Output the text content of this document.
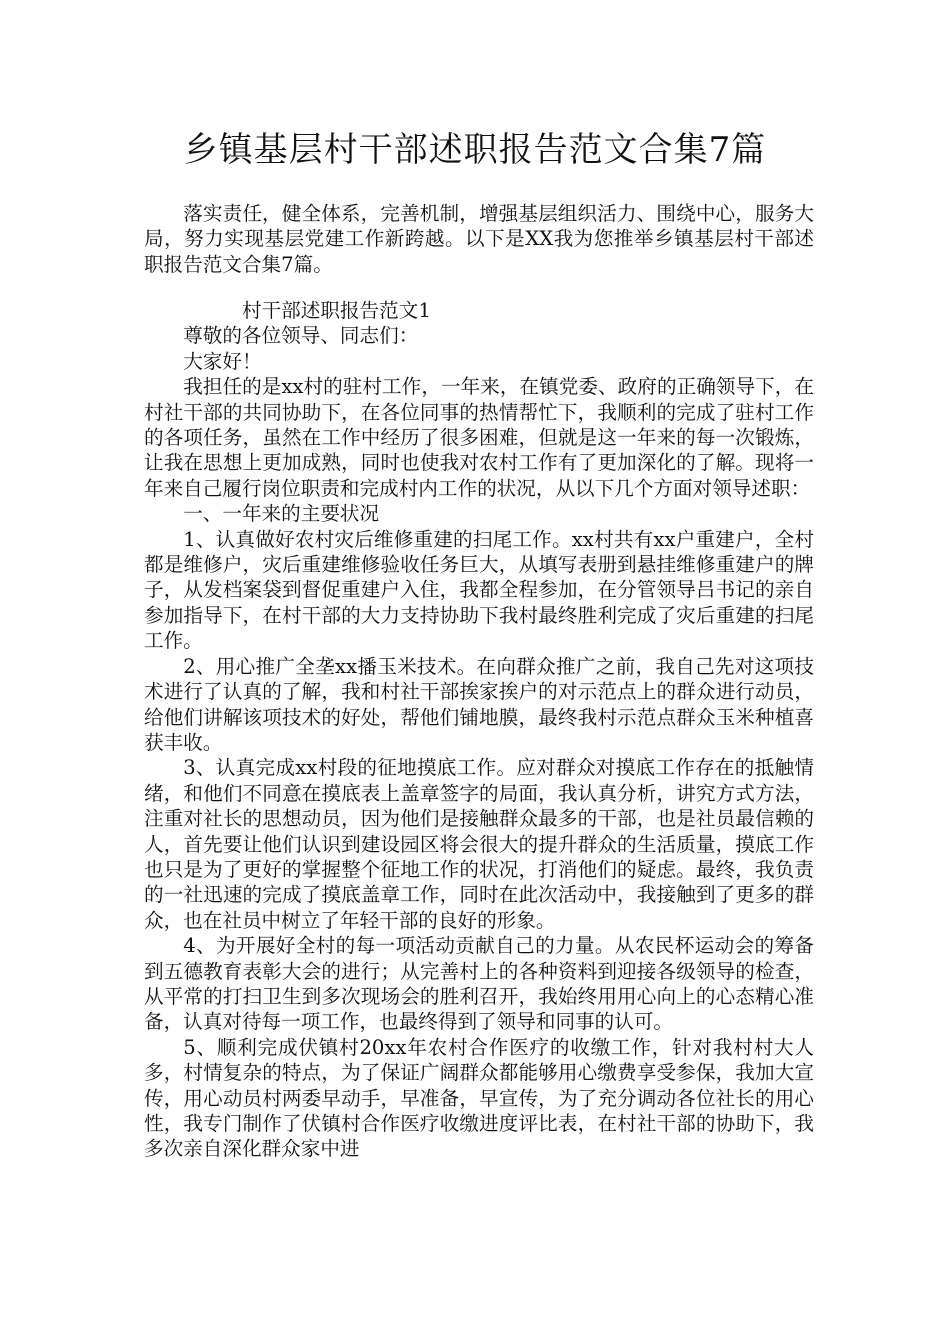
乡镇基层村干部述职报告范文合集7篇

落实责任，健全体系，完善机制，增强基层组织活力、围绕中心，服务大局，努力实现基层党建工作新跨越。以下是XX我为您推举乡镇基层村干部述职报告范文合集7篇。

村干部述职报告范文1

尊敬的各位领导、同志们：

大家好！

我担任的是xx村的驻村工作，一年来，在镇党委、政府的正确领导下，在村社干部的共同协助下，在各位同事的热情帮忙下，我顺利的完成了驻村工作的各项任务，虽然在工作中经历了很多困难，但就是这一年来的每一次锻炼，让我在思想上更加成熟，同时也使我对农村工作有了更加深化的了解。现将一年来自己履行岗位职责和完成村内工作的状况，从以下几个方面对领导述职：

一、一年来的主要状况

1、认真做好农村灾后维修重建的扫尾工作。xx村共有xx户重建户，全村都是维修户，灾后重建维修验收任务巨大，从填写表册到悬挂维修重建户的牌子，从发档案袋到督促重建户入住，我都全程参加，在分管领导吕书记的亲自参加指导下，在村干部的大力支持协助下我村最终胜利完成了灾后重建的扫尾工作。

2、用心推广全垄xx播玉米技术。在向群众推广之前，我自己先对这项技术进行了认真的了解，我和村社干部挨家挨户的对示范点上的群众进行动员，给他们讲解该项技术的好处，帮他们铺地膜，最终我村示范点群众玉米种植喜获丰收。

3、认真完成xx村段的征地摸底工作。应对群众对摸底工作存在的抵触情绪，和他们不同意在摸底表上盖章签字的局面，我认真分析，讲究方式方法，注重对社长的思想动员，因为他们是接触群众最多的干部，也是社员最信赖的人，首先要让他们认识到建设园区将会很大的提升群众的生活质量，摸底工作也只是为了更好的掌握整个征地工作的状况，打消他们的疑虑。最终，我负责的一社迅速的完成了摸底盖章工作，同时在此次活动中，我接触到了更多的群众，也在社员中树立了年轻干部的良好的形象。

4、为开展好全村的每一项活动贡献自己的力量。从农民杯运动会的筹备到五德教育表彰大会的进行；从完善村上的各种资料到迎接各级领导的检查，从平常的打扫卫生到多次现场会的胜利召开，我始终用用心向上的心态精心准备，认真对待每一项工作，也最终得到了领导和同事的认可。

5、顺利完成伏镇村20xx年农村合作医疗的收缴工作，针对我村村大人多，村情复杂的特点，为了保证广阔群众都能够用心缴费享受参保，我加大宣传，用心动员村两委早动手，早准备，早宣传，为了充分调动各位社长的用心性，我专门制作了伏镇村合作医疗收缴进度评比表，在村社干部的协助下，我多次亲自深化群众家中进
